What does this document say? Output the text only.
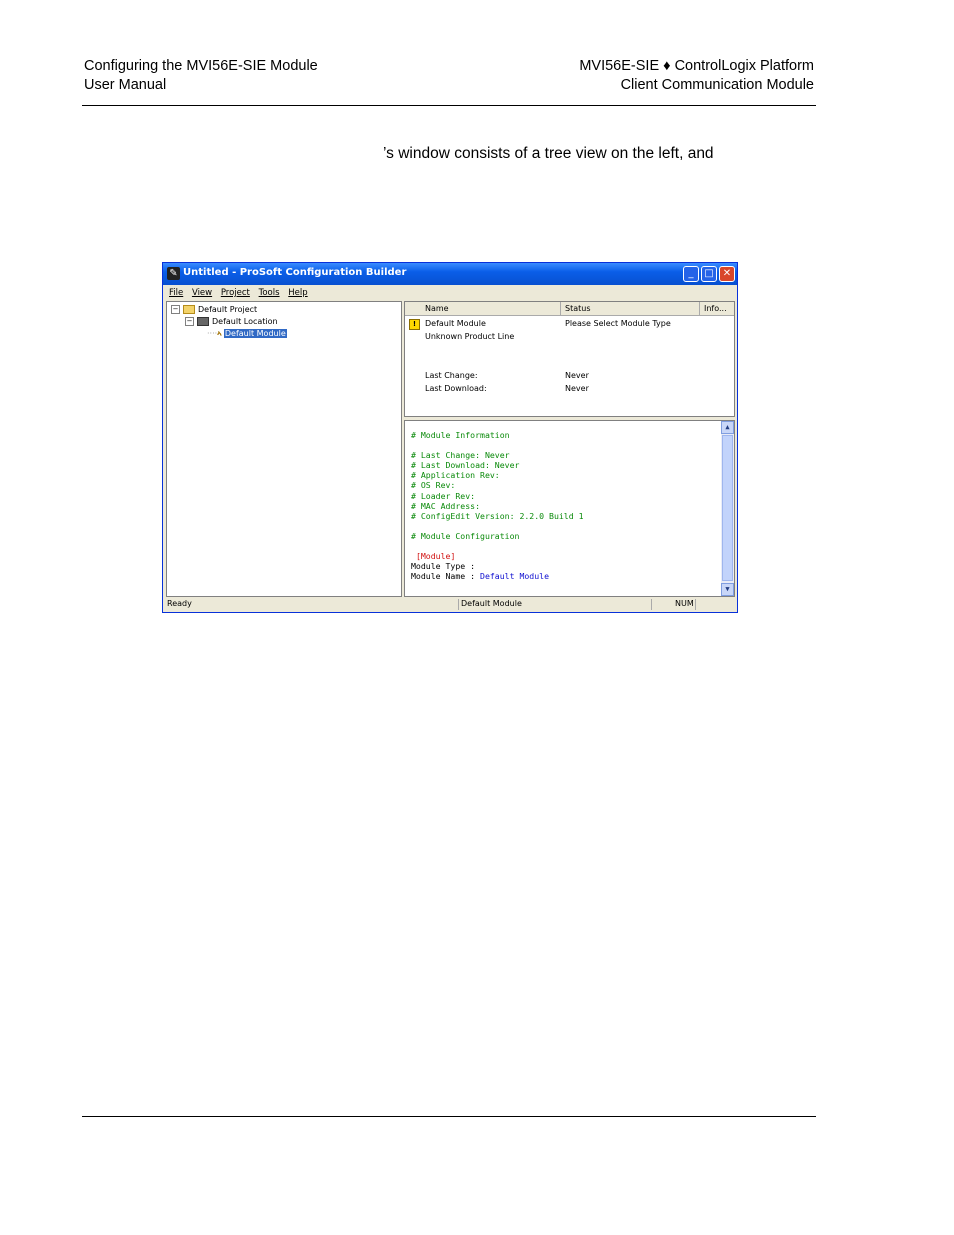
Configuring the MVI56E-SIE Module
User Manual
MVI56E-SIE ♦ ControlLogix Platform
Client Communication Module
’s window consists of a tree view on the left, and
✎ Untitled - ProSoft Configuration Builder	_	□ ✕
File View Project Tools Help
− Default Project
− Default Location
····ኣ Default Module
Name	Status	Info...
!	Default Module	Please Select Module Type
Unknown Product Line
Last Change:	Never
Last Download:	Never
# Module Information

# Last Change: Never
# Last Download: Never
# Application Rev:
# OS Rev:
# Loader Rev:
# MAC Address:
# ConfigEdit Version: 2.2.0 Build 1

# Module Configuration

[Module]
Module Type :
Module Name : Default Module
▲
▼
Ready	Default Module	NUM
